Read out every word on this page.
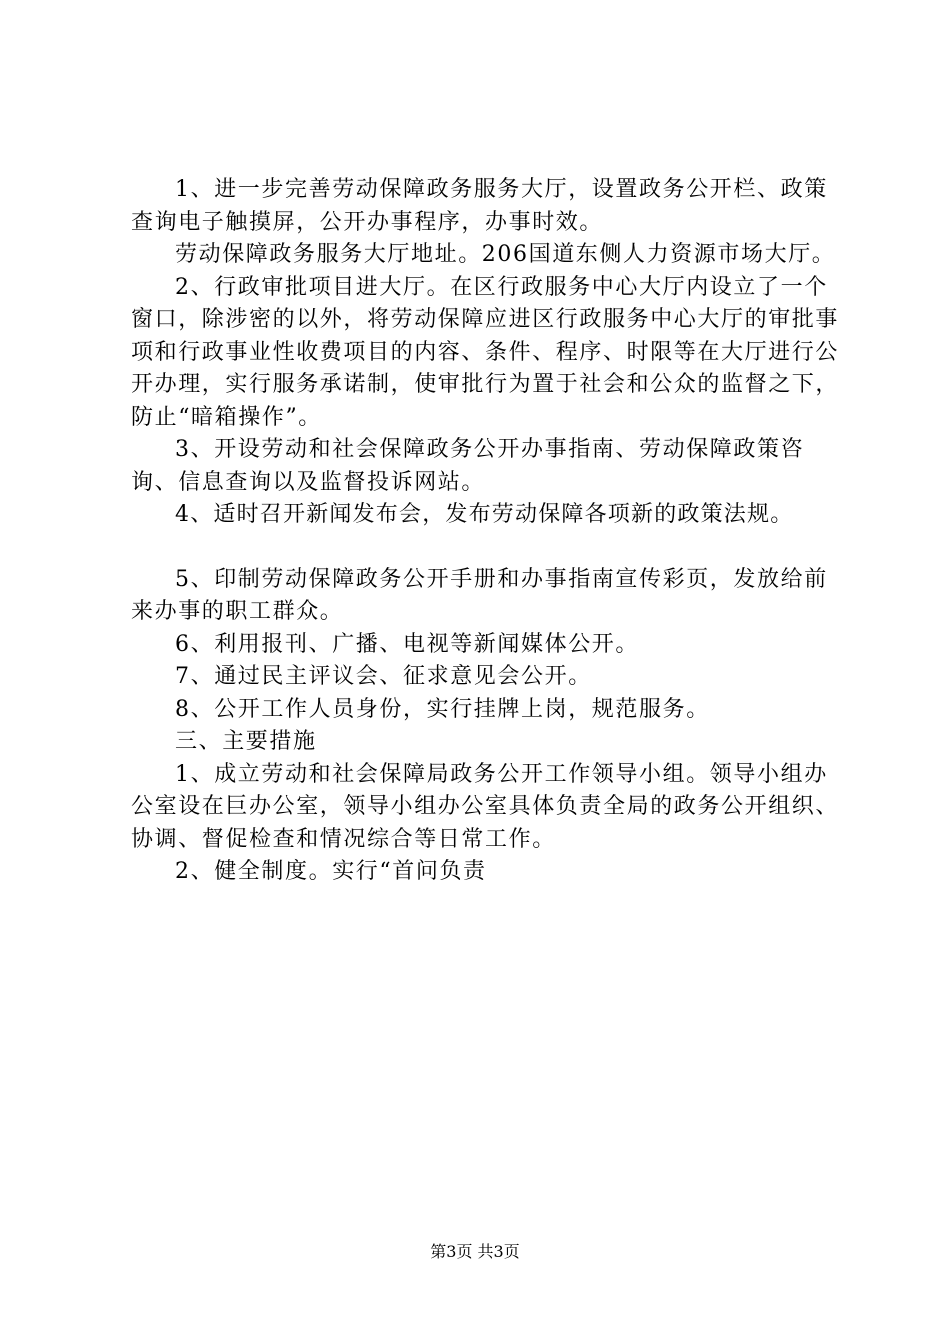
1、进一步完善劳动保障政务服务大厅，设置政务公开栏、政策查询电子触摸屏，公开办事程序，办事时效。

劳动保障政务服务大厅地址。206国道东侧人力资源市场大厅。

2、行政审批项目进大厅。在区行政服务中心大厅内设立了一个窗口，除涉密的以外，将劳动保障应进区行政服务中心大厅的审批事项和行政事业性收费项目的内容、条件、程序、时限等在大厅进行公开办理，实行服务承诺制，使审批行为置于社会和公众的监督之下，防止“暗箱操作”。

3、开设劳动和社会保障政务公开办事指南、劳动保障政策咨询、信息查询以及监督投诉网站。

4、适时召开新闻发布会，发布劳动保障各项新的政策法规。

5、印制劳动保障政务公开手册和办事指南宣传彩页，发放给前来办事的职工群众。

6、利用报刊、广播、电视等新闻媒体公开。

7、通过民主评议会、征求意见会公开。

8、公开工作人员身份，实行挂牌上岗，规范服务。

三、主要措施

1、成立劳动和社会保障局政务公开工作领导小组。领导小组办公室设在巨办公室，领导小组办公室具体负责全局的政务公开组织、协调、督促检查和情况综合等日常工作。

2、健全制度。实行“首问负责

第3页 共3页
